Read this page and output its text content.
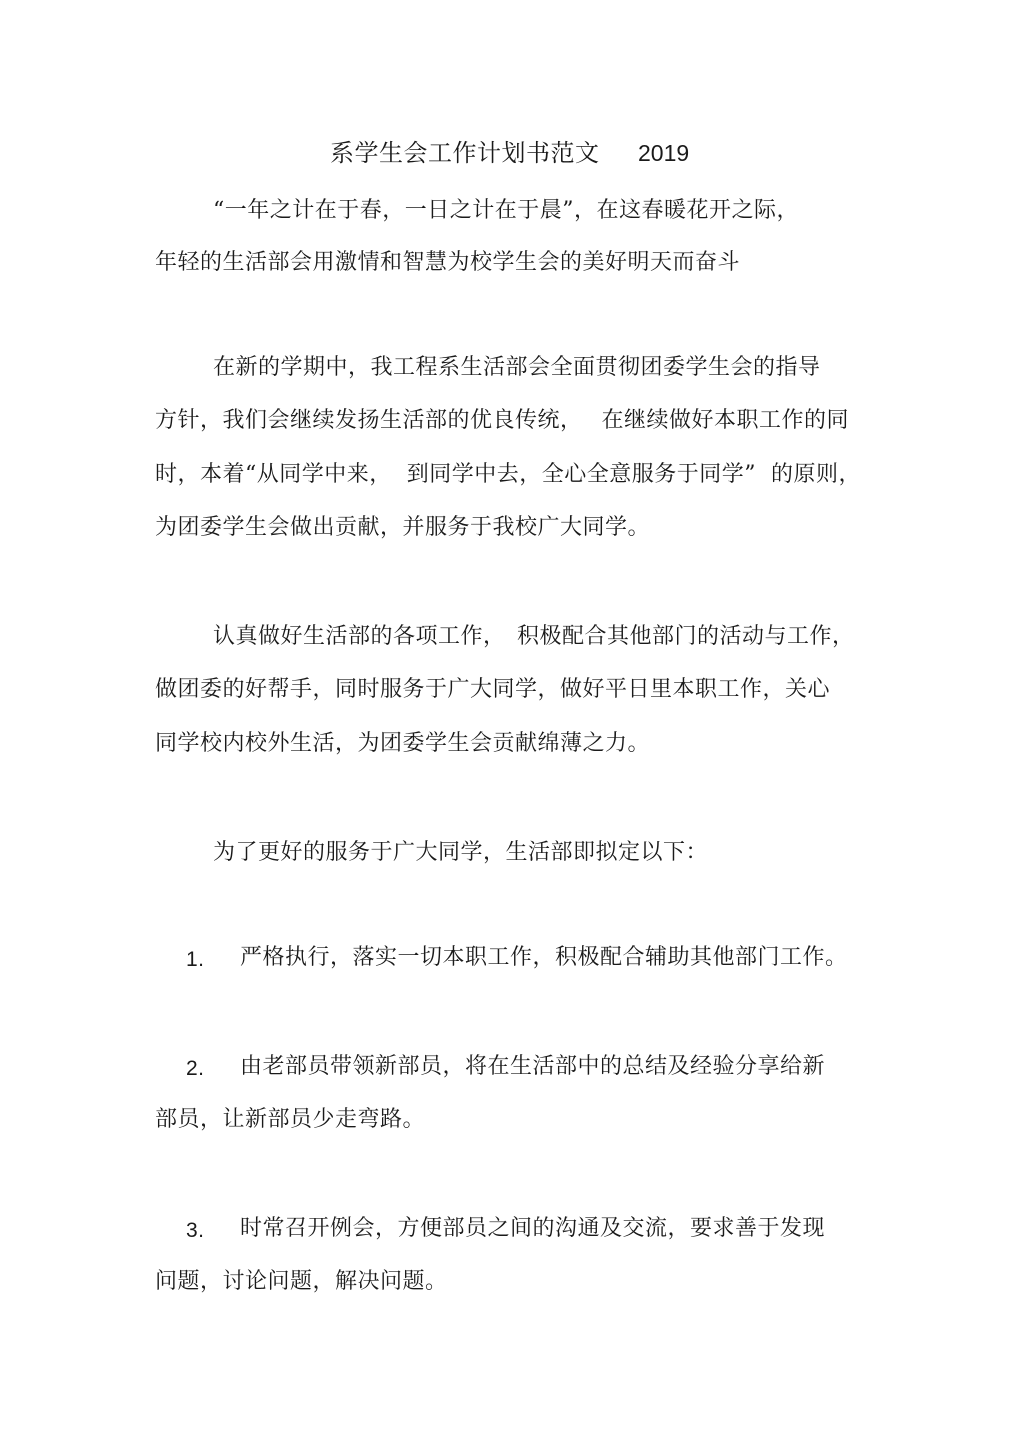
系学生会工作计划书范文 2019
“一年之计在于春，一日之计在于晨”，在这春暖花开之际，
年轻的生活部会用激情和智慧为校学生会的美好明天而奋斗
在新的学期中，我工程系生活部会全面贯彻团委学生会的指导
方针，我们会继续发扬生活部的优良传统，　 在继续做好本职工作的同
时，本着“从同学中来，  到同学中去，全心全意服务于同学”  的原则，
为团委学生会做出贡献，并服务于我校广大同学。
认真做好生活部的各项工作，　积极配合其他部门的活动与工作，
做团委的好帮手，同时服务于广大同学，做好平日里本职工作，关心
同学校内校外生活，为团委学生会贡献绵薄之力。
为了更好的服务于广大同学，生活部即拟定以下：
1. 严格执行，落实一切本职工作，积极配合辅助其他部门工作。
2. 由老部员带领新部员，将在生活部中的总结及经验分享给新
部员，让新部员少走弯路。
3. 时常召开例会，方便部员之间的沟通及交流，要求善于发现
问题，讨论问题，解决问题。
